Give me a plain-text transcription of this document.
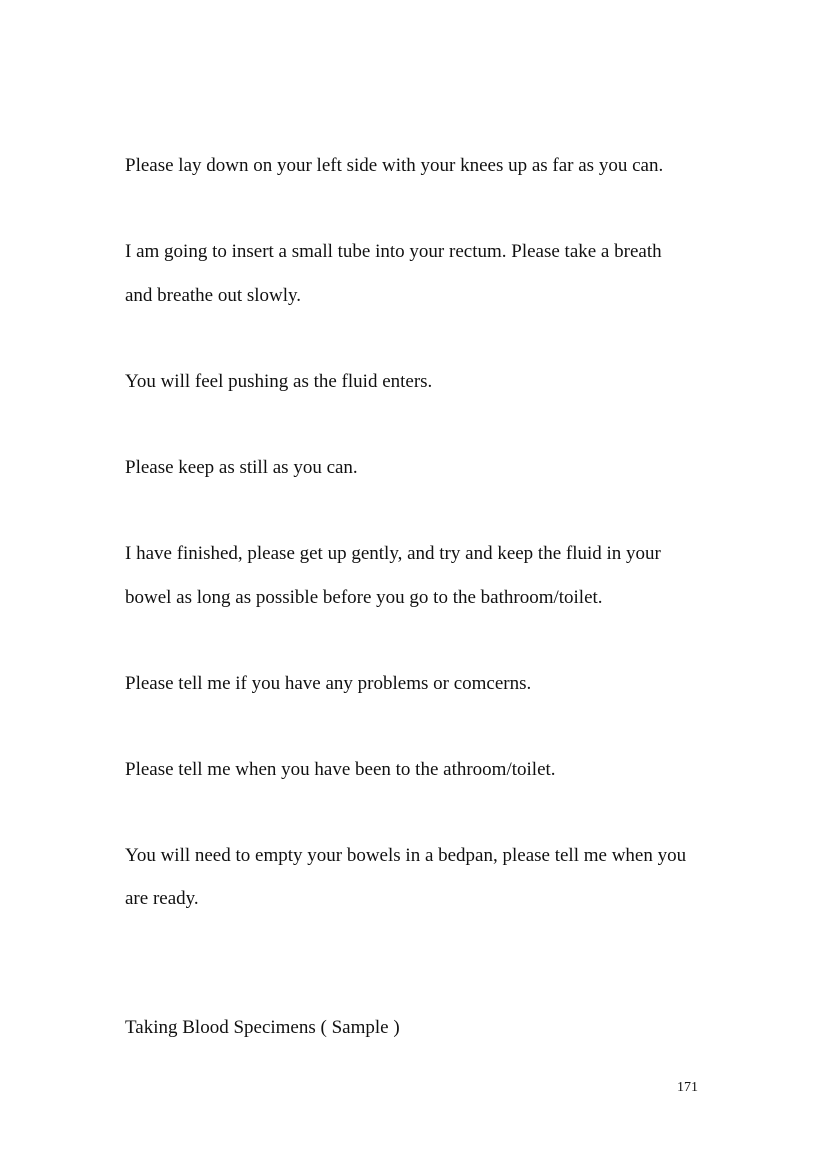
Please lay down on your left side with your knees up as far as you can.
I am going to insert a small tube into your rectum. Please take a breath
and breathe out slowly.
You will feel pushing as the fluid enters.
Please keep as still as you can.
I have finished, please get up gently, and try and keep the fluid in your
bowel as long as possible before you go to the bathroom/toilet.
Please tell me if you have any problems or comcerns.
Please tell me when you have been to the athroom/toilet.
You will need to empty your bowels in a bedpan, please tell me when you
are ready.
Taking Blood Specimens ( Sample )
171
